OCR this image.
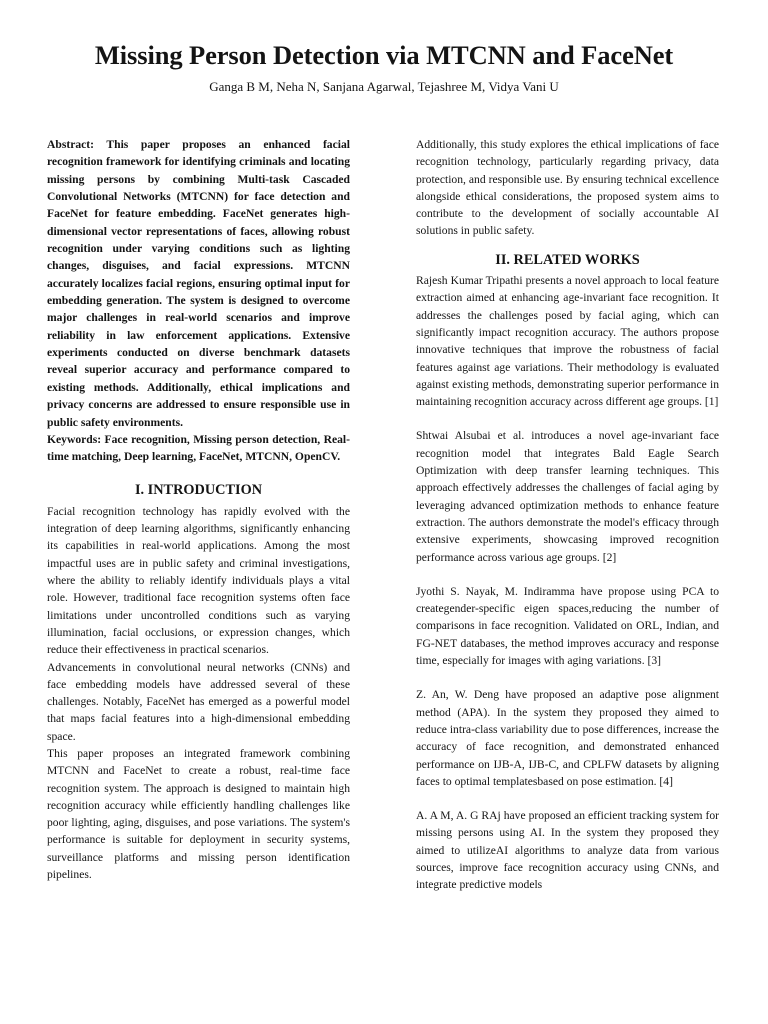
Missing Person Detection via MTCNN and FaceNet
Ganga B M, Neha N, Sanjana Agarwal, Tejashree M, Vidya Vani U

Abstract: This paper proposes an enhanced facial recognition framework for identifying criminals and locating missing persons by combining Multi-task Cascaded Convolutional Networks (MTCNN) for face detection and FaceNet for feature embedding. FaceNet generates high-dimensional vector representations of faces, allowing robust recognition under varying conditions such as lighting changes, disguises, and facial expressions. MTCNN accurately localizes facial regions, ensuring optimal input for embedding generation. The system is designed to overcome major challenges in real-world scenarios and improve reliability in law enforcement applications. Extensive experiments conducted on diverse benchmark datasets reveal superior accuracy and performance compared to existing methods. Additionally, ethical implications and privacy concerns are addressed to ensure responsible use in public safety environments.

Keywords: Face recognition, Missing person detection, Real-time matching, Deep learning, FaceNet, MTCNN, OpenCV.

I. INTRODUCTION

Facial recognition technology has rapidly evolved with the integration of deep learning algorithms, significantly enhancing its capabilities in real-world applications. Among the most impactful uses are in public safety and criminal investigations, where the ability to reliably identify individuals plays a vital role. However, traditional face recognition systems often face limitations under uncontrolled conditions such as varying illumination, facial occlusions, or expression changes, which reduce their effectiveness in practical scenarios.

Advancements in convolutional neural networks (CNNs) and face embedding models have addressed several of these challenges. Notably, FaceNet has emerged as a powerful model that maps facial features into a high-dimensional embedding space.

This paper proposes an integrated framework combining MTCNN and FaceNet to create a robust, real-time face recognition system. The approach is designed to maintain high recognition accuracy while efficiently handling challenges like poor lighting, aging, disguises, and pose variations. The system's performance is suitable for deployment in security systems, surveillance platforms and missing person identification pipelines.

Additionally, this study explores the ethical implications of face recognition technology, particularly regarding privacy, data protection, and responsible use. By ensuring technical excellence alongside ethical considerations, the proposed system aims to contribute to the development of socially accountable AI solutions in public safety.

II. RELATED WORKS

Rajesh Kumar Tripathi presents a novel approach to local feature extraction aimed at enhancing age-invariant face recognition. It addresses the challenges posed by facial aging, which can significantly impact recognition accuracy. The authors propose innovative techniques that improve the robustness of facial features against age variations. Their methodology is evaluated against existing methods, demonstrating superior performance in maintaining recognition accuracy across different age groups. [1]

Shtwai Alsubai et al. introduces a novel age-invariant face recognition model that integrates Bald Eagle Search Optimization with deep transfer learning techniques. This approach effectively addresses the challenges of facial aging by leveraging advanced optimization methods to enhance feature extraction. The authors demonstrate the model's efficacy through extensive experiments, showcasing improved recognition performance across various age groups. [2]

Jyothi S. Nayak, M. Indiramma have propose using PCA to creategender-specific eigen spaces,reducing the number of comparisons in face recognition. Validated on ORL, Indian, and FG-NET databases, the method improves accuracy and response time, especially for images with aging variations. [3]

Z. An, W. Deng have proposed an adaptive pose alignment method (APA). In the system they proposed they aimed to reduce intra-class variability due to pose differences, increase the accuracy of face recognition, and demonstrated enhanced performance on IJB-A, IJB-C, and CPLFW datasets by aligning faces to optimal templatesbased on pose estimation. [4]

A. A M, A. G RAj have proposed an efficient tracking system for missing persons using AI. In the system they proposed they aimed to utilizeAI algorithms to analyze data from various sources, improve face recognition accuracy using CNNs, and integrate predictive models
